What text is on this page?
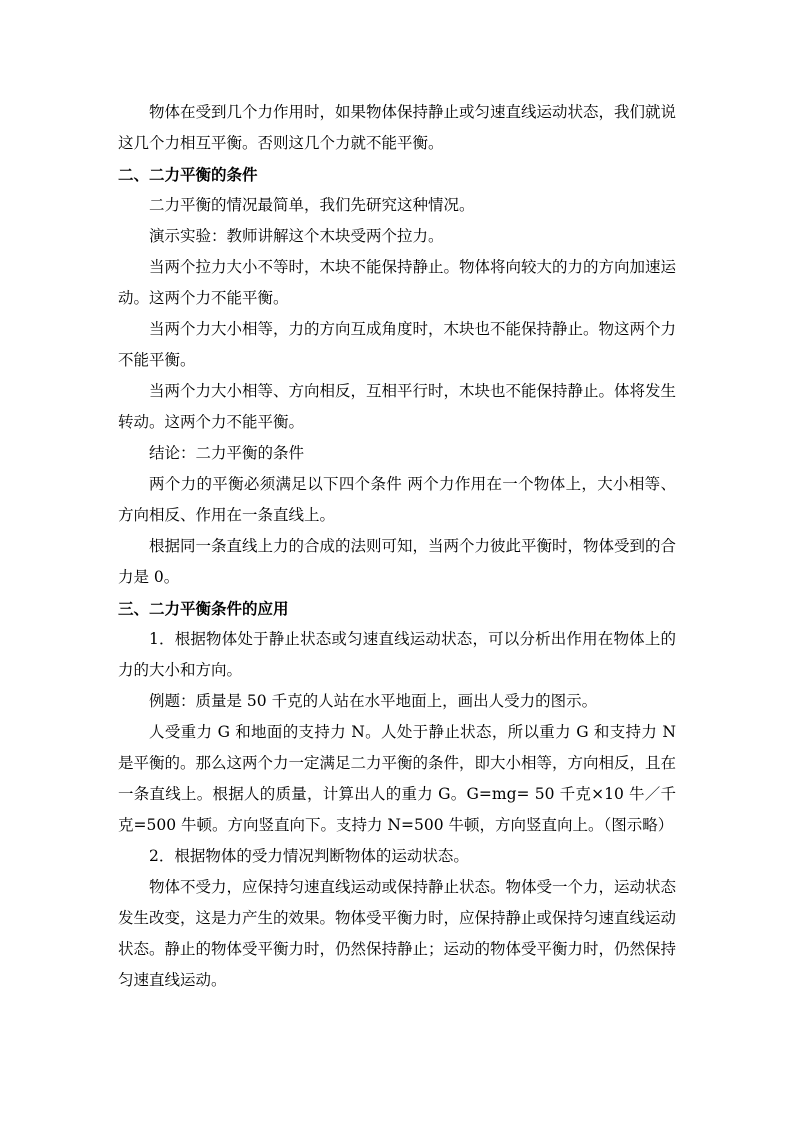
物体在受到几个力作用时，如果物体保持静止或匀速直线运动状态，我们就说这几个力相互平衡。否则这几个力就不能平衡。

二、二力平衡的条件

二力平衡的情况最简单，我们先研究这种情况。

演示实验：教师讲解这个木块受两个拉力。

当两个拉力大小不等时，木块不能保持静止。物体将向较大的力的方向加速运动。这两个力不能平衡。

当两个力大小相等，力的方向互成角度时，木块也不能保持静止。物这两个力不能平衡。

当两个力大小相等、方向相反，互相平行时，木块也不能保持静止。体将发生转动。这两个力不能平衡。

结论：二力平衡的条件

两个力的平衡必须满足以下四个条件 两个力作用在一个物体上，大小相等、方向相反、作用在一条直线上。

根据同一条直线上力的合成的法则可知，当两个力彼此平衡时，物体受到的合力是 0。

三、二力平衡条件的应用

1．根据物体处于静止状态或匀速直线运动状态，可以分析出作用在物体上的力的大小和方向。

例题：质量是 50 千克的人站在水平地面上，画出人受力的图示。

人受重力 G 和地面的支持力 N。人处于静止状态，所以重力 G 和支持力 N 是平衡的。那么这两个力一定满足二力平衡的条件，即大小相等，方向相反，且在一条直线上。根据人的质量，计算出人的重力 G。G=mg= 50 千克×10 牛／千克=500 牛顿。方向竖直向下。支持力 N=500 牛顿，方向竖直向上。（图示略）

2．根据物体的受力情况判断物体的运动状态。

物体不受力，应保持匀速直线运动或保持静止状态。物体受一个力，运动状态发生改变，这是力产生的效果。物体受平衡力时，应保持静止或保持匀速直线运动状态。静止的物体受平衡力时，仍然保持静止；运动的物体受平衡力时，仍然保持匀速直线运动。
